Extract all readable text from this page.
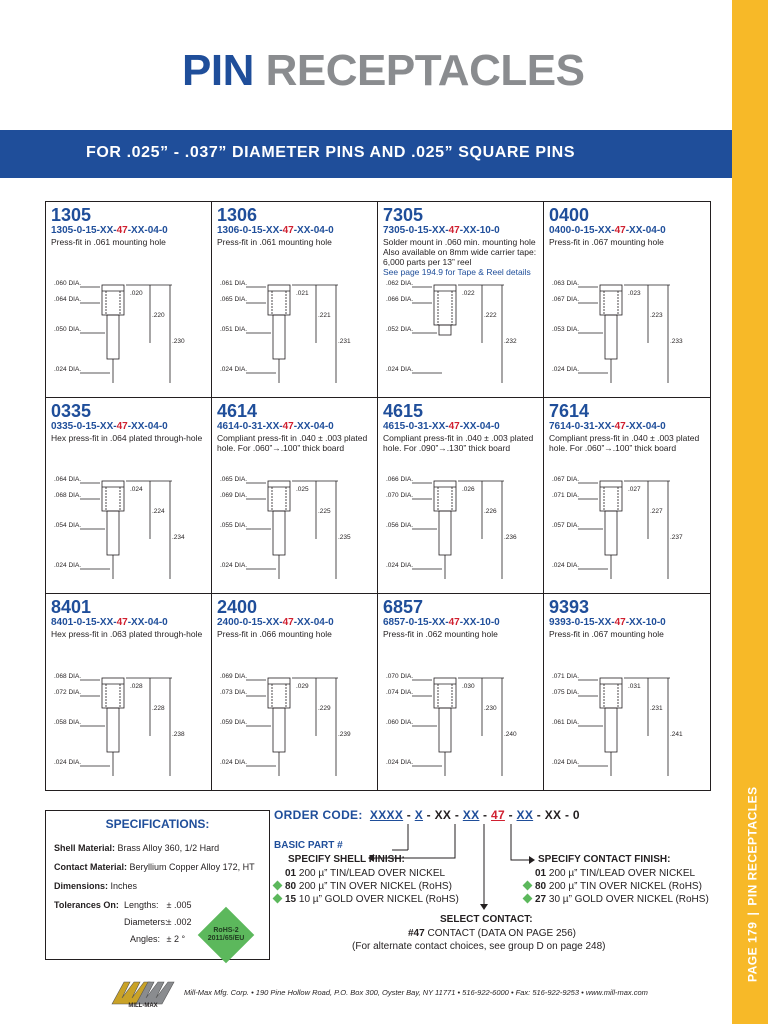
PAGE 179|PIN RECEPTACLES
PIN RECEPTACLES
FOR .025” - .037” DIAMETER PINS AND .025” SQUARE PINS
1305
1305-0-15-XX-47-XX-04-0
Press-fit in .061 mounting hole
.060 DIA.
.064 DIA.
.050 DIA.
.024 DIA.
.220
.230
.020
1306
1306-0-15-XX-47-XX-04-0
Press-fit in .061 mounting hole
.061 DIA.
.065 DIA.
.051 DIA.
.024 DIA.
.221
.231
.021
7305
7305-0-15-XX-47-XX-10-0
Solder mount in .060 min. mounting hole Also available on 8mm wide carrier tape: 6,000 parts per 13” reel
See page 194.9 for Tape & Reel details
.062 DIA.
.066 DIA.
.052 DIA.
.024 DIA.
.222
.232
.022
0400
0400-0-15-XX-47-XX-04-0
Press-fit in .067 mounting hole
.063 DIA.
.067 DIA.
.053 DIA.
.024 DIA.
.223
.233
.023
0335
0335-0-15-XX-47-XX-04-0
Hex press-fit in .064 plated through-hole
.064 DIA.
.068 DIA.
.054 DIA.
.024 DIA.
.224
.234
.024
4614
4614-0-31-XX-47-XX-04-0
Compliant press-fit in .040 ± .003 plated hole. For .060”→.100” thick board
.065 DIA.
.069 DIA.
.055 DIA.
.024 DIA.
.225
.235
.025
4615
4615-0-31-XX-47-XX-04-0
Compliant press-fit in .040 ± .003 plated hole. For .090”→.130” thick board
.066 DIA.
.070 DIA.
.056 DIA.
.024 DIA.
.226
.236
.026
7614
7614-0-31-XX-47-XX-04-0
Compliant press-fit in .040 ± .003 plated hole. For .060”→.100” thick board
.067 DIA.
.071 DIA.
.057 DIA.
.024 DIA.
.227
.237
.027
8401
8401-0-15-XX-47-XX-04-0
Hex press-fit in .063 plated through-hole
.068 DIA.
.072 DIA.
.058 DIA.
.024 DIA.
.228
.238
.028
2400
2400-0-15-XX-47-XX-04-0
Press-fit in .066 mounting hole
.069 DIA.
.073 DIA.
.059 DIA.
.024 DIA.
.229
.239
.029
6857
6857-0-15-XX-47-XX-10-0
Press-fit in .062 mounting hole
.070 DIA.
.074 DIA.
.060 DIA.
.024 DIA.
.230
.240
.030
9393
9393-0-15-XX-47-XX-10-0
Press-fit in .067 mounting hole
.071 DIA.
.075 DIA.
.061 DIA.
.024 DIA.
.231
.241
.031
SPECIFICATIONS:
Shell Material: Brass Alloy 360, 1/2 Hard
Contact Material: Beryllium Copper Alloy 172, HT
Dimensions: Inches
Tolerances On: Lengths: ± .005
Diameters: ± .002
Angles: ± 2 °
RoHS-2
2011/65/EU
ORDER CODE: XXXX - X - XX - XX - 47 - XX - XX - 0
BASIC PART #
SPECIFY SHELL FINISH:
01 200 µ” TIN/LEAD OVER NICKEL
80 200 µ” TIN OVER NICKEL (RoHS)
15 10 µ” GOLD OVER NICKEL (RoHS)
SPECIFY CONTACT FINISH:
01 200 µ” TIN/LEAD OVER NICKEL
80 200 µ” TIN OVER NICKEL (RoHS)
27 30 µ” GOLD OVER NICKEL (RoHS)
SELECT CONTACT:
#47 CONTACT (DATA ON PAGE 256)
(For alternate contact choices, see group D on page 248)
MILL-MAX
Mill-Max Mfg. Corp. • 190 Pine Hollow Road, P.O. Box 300, Oyster Bay, NY 11771 • 516-922-6000 • Fax: 516-922-9253 • www.mill-max.com
